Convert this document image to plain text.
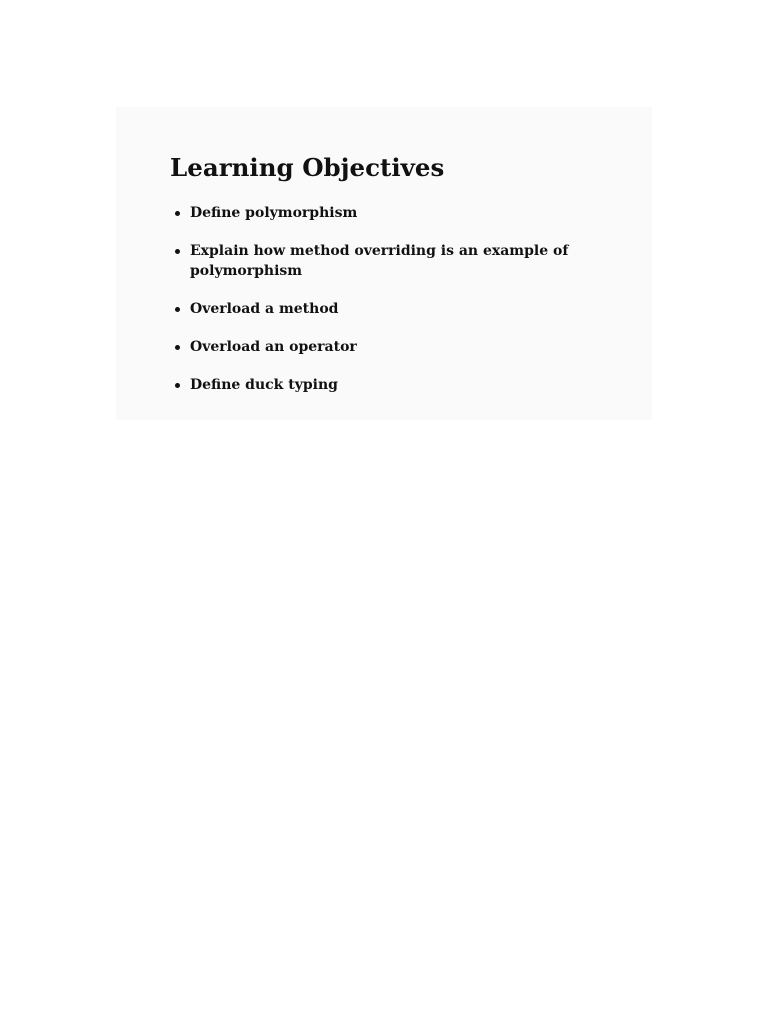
Learning Objectives
Define polymorphism
Explain how method overriding is an example of polymorphism
Overload a method
Overload an operator
Define duck typing
